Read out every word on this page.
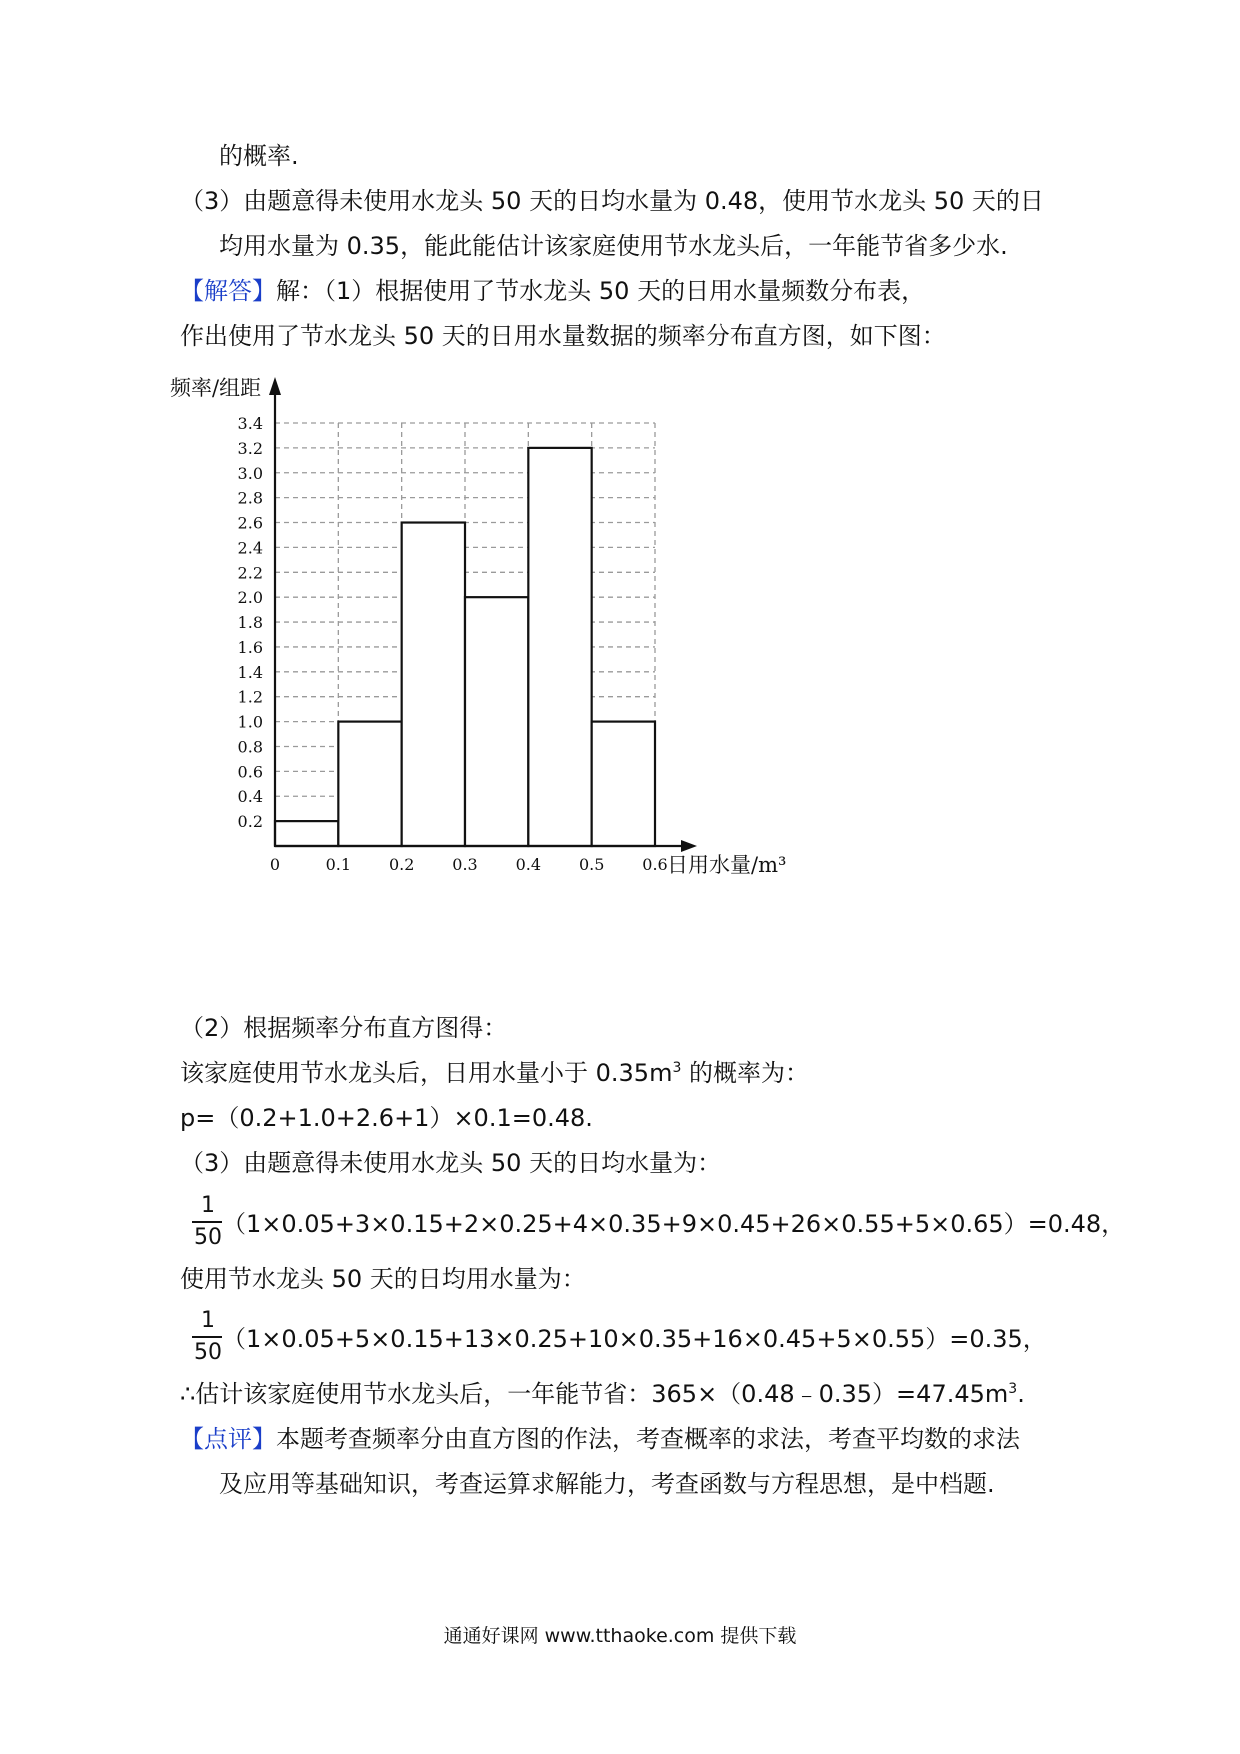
的概率.
（3）由题意得未使用水龙头 50 天的日均水量为 0.48，使用节水龙头 50 天的日
均用水量为 0.35，能此能估计该家庭使用节水龙头后，一年能节省多少水.
【解答】解：（1）根据使用了节水龙头 50 天的日用水量频数分布表，
作出使用了节水龙头 50 天的日用水量数据的频率分布直方图，如下图：
0.2
0.4
0.6
0.8
1.0
1.2
1.4
1.6
1.8
2.0
2.2
2.4
2.6
2.8
3.0
3.2
3.4
0	0.1 0.2 0.3 0.4 0.5 0.6
频率/组距
日用水量/m³
（2）根据频率分布直方图得：
该家庭使用节水龙头后，日用水量小于 $0.35m^3$ 的概率为：
p=（0.2+1.0+2.6+1）×0.1=0.48.
（3）由题意得未使用水龙头 50 天的日均水量为：
1
50 （1×0.05+3×0.15+2×0.25+4×0.35+9×0.45+26×0.55+5×0.65）=0.48，
使用节水龙头 50 天的日均用水量为：
1
50 （1×0.05+5×0.15+13×0.25+10×0.35+16×0.45+5×0.55）=0.35，
∴估计该家庭使用节水龙头后，一年能节省：$365\times(0.48﹣0.35)=47.45m^3$.
【点评】本题考查频率分由直方图的作法，考查概率的求法，考查平均数的求法
及应用等基础知识，考查运算求解能力，考查函数与方程思想，是中档题.
通通好课网 www.tthaoke.com 提供下载
